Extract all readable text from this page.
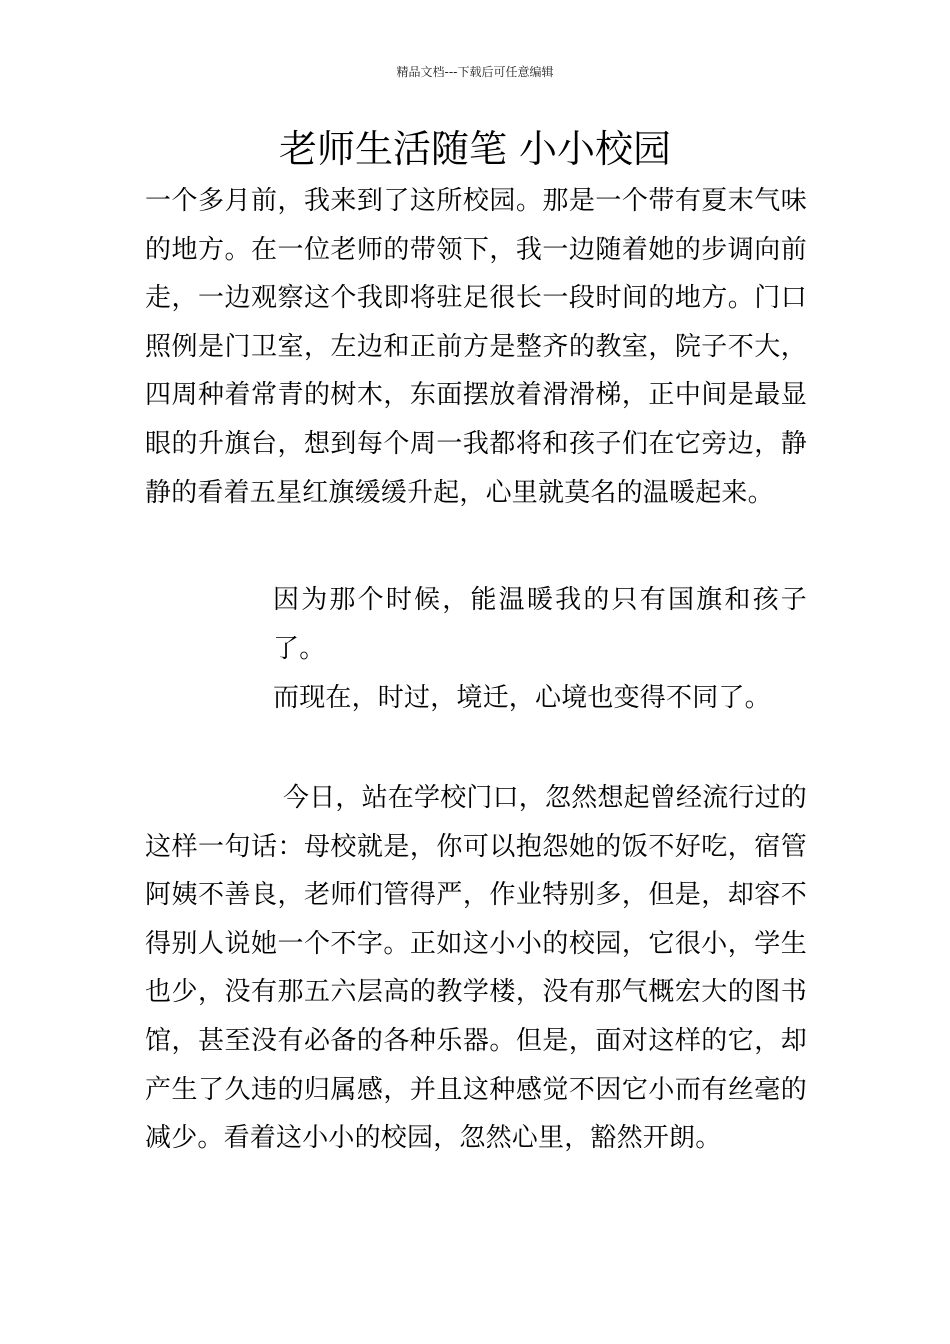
精品文档---下载后可任意编辑
老师生活随笔 小小校园

一个多月前，我来到了这所校园。那是一个带有夏末气味的地方。在一位老师的带领下，我一边随着她的步调向前走，一边观察这个我即将驻足很长一段时间的地方。门口照例是门卫室，左边和正前方是整齐的教室，院子不大，四周种着常青的树木，东面摆放着滑滑梯，正中间是最显眼的升旗台，想到每个周一我都将和孩子们在它旁边，静静的看着五星红旗缓缓升起，心里就莫名的温暖起来。

因为那个时候，能温暖我的只有国旗和孩子了。

而现在，时过，境迁，心境也变得不同了。

今日，站在学校门口，忽然想起曾经流行过的这样一句话：母校就是，你可以抱怨她的饭不好吃，宿管阿姨不善良，老师们管得严，作业特别多，但是，却容不得别人说她一个不字。正如这小小的校园，它很小，学生也少，没有那五六层高的教学楼，没有那气概宏大的图书馆，甚至没有必备的各种乐器。但是，面对这样的它，却产生了久违的归属感，并且这种感觉不因它小而有丝毫的减少。看着这小小的校园，忽然心里，豁然开朗。
